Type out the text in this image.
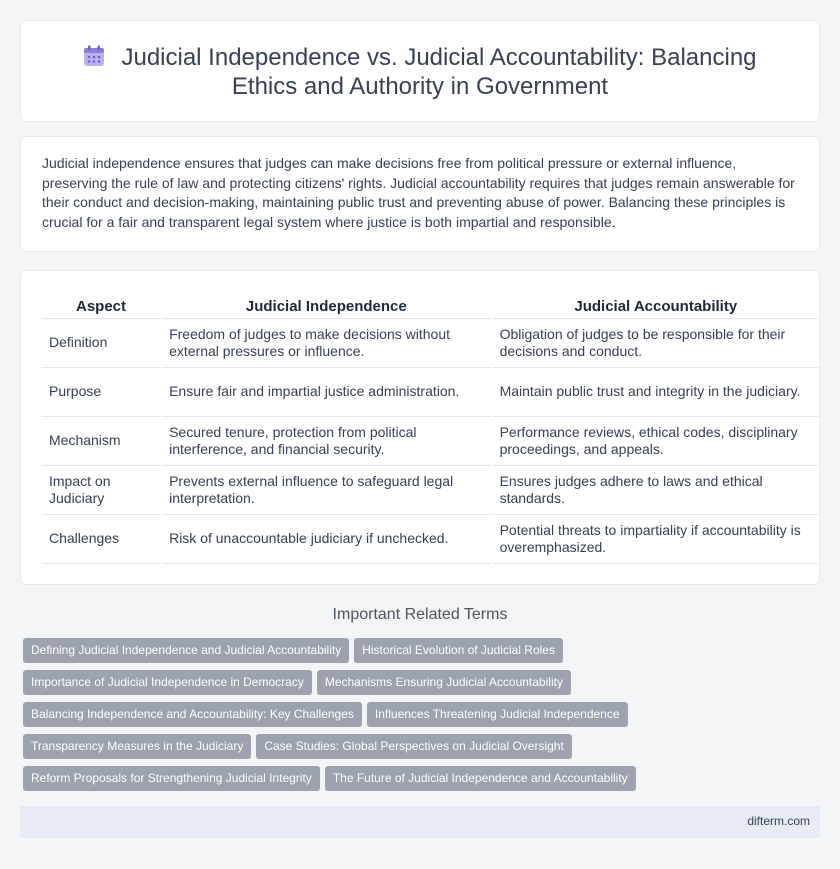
Judicial Independence vs. Judicial Accountability: Balancing
Ethics and Authority in Government

Judicial independence ensures that judges can make decisions free from political pressure or external influence, preserving the rule of law and protecting citizens' rights. Judicial accountability requires that judges remain answerable for their conduct and decision-making, maintaining public trust and preventing abuse of power. Balancing these principles is crucial for a fair and transparent legal system where justice is both impartial and responsible.

Aspect		Judicial Independence		Judicial Accountability
Definition		Freedom of judges to make decisions without external pressures or influence.		Obligation of judges to be responsible for their decisions and conduct.
Purpose		Ensure fair and impartial justice administration.		Maintain public trust and integrity in the judiciary.
Mechanism		Secured tenure, protection from political interference, and financial security.		Performance reviews, ethical codes, disciplinary proceedings, and appeals.
Impact on Judiciary		Prevents external influence to safeguard legal interpretation.		Ensures judges adhere to laws and ethical standards.
Challenges		Risk of unaccountable judiciary if unchecked.		Potential threats to impartiality if accountability is overemphasized.
Important Related Terms
Defining Judicial Independence and Judicial Accountability Historical Evolution of Judicial Roles
Importance of Judicial Independence in Democracy Mechanisms Ensuring Judicial Accountability
Balancing Independence and Accountability: Key Challenges Influences Threatening Judicial Independence
Transparency Measures in the Judiciary Case Studies: Global Perspectives on Judicial Oversight
Reform Proposals for Strengthening Judicial Integrity The Future of Judicial Independence and Accountability
difterm.com
